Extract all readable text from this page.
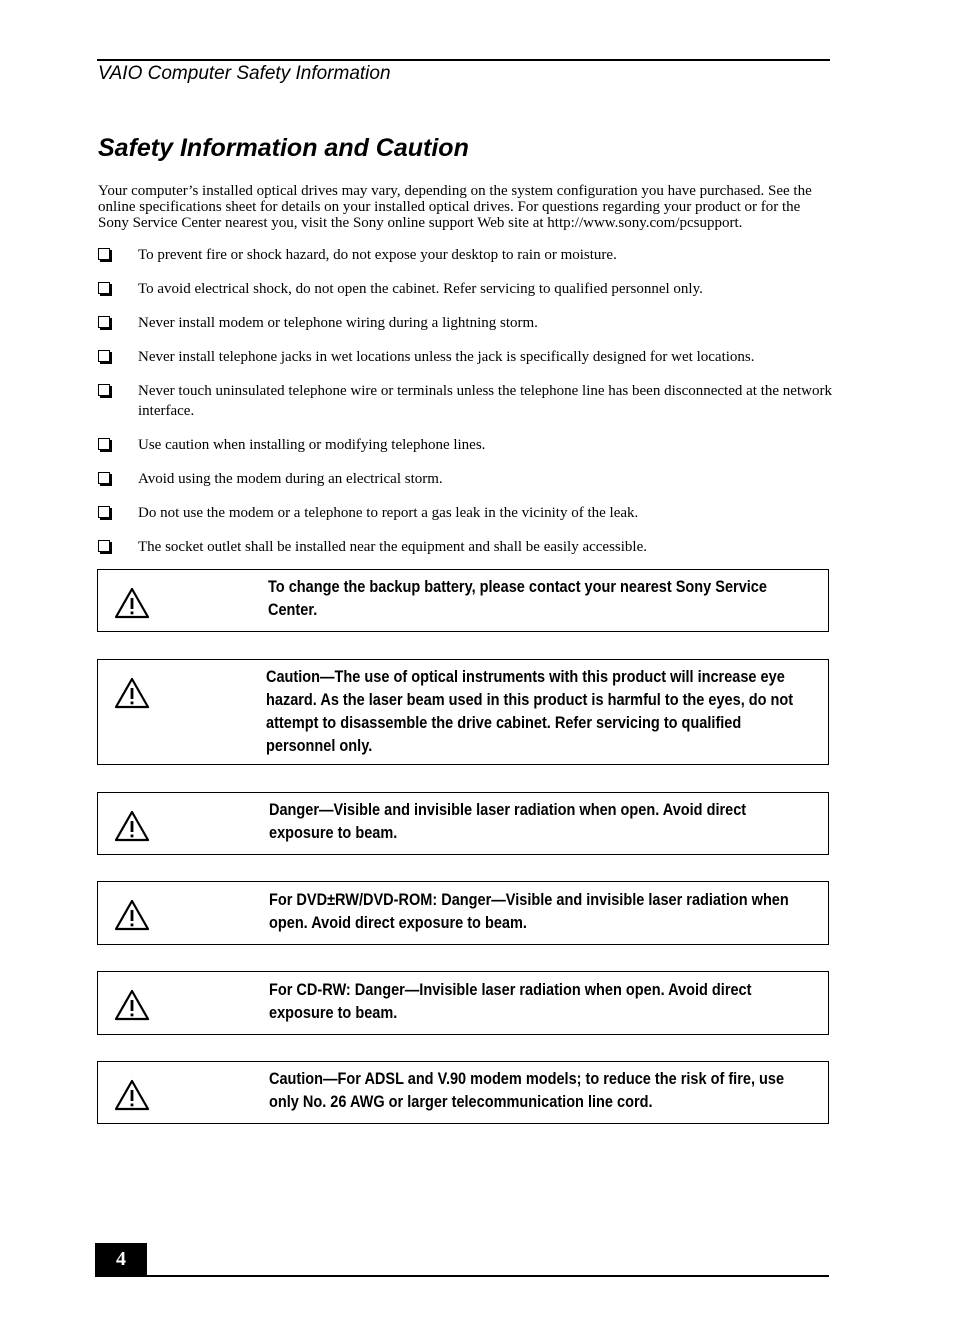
VAIO Computer Safety Information
Safety Information and Caution

Your computer’s installed optical drives may vary, depending on the system configuration you have purchased. See the online specifications sheet for details on your installed optical drives. For questions regarding your product or for the Sony Service Center nearest you, visit the Sony online support Web site at http://www.sony.com/pcsupport.

To prevent fire or shock hazard, do not expose your desktop to rain or moisture.
To avoid electrical shock, do not open the cabinet. Refer servicing to qualified personnel only.
Never install modem or telephone wiring during a lightning storm.
Never install telephone jacks in wet locations unless the jack is specifically designed for wet locations.
Never touch uninsulated telephone wire or terminals unless the telephone line has been disconnected at the network interface.
Use caution when installing or modifying telephone lines.
Avoid using the modem during an electrical storm.
Do not use the modem or a telephone to report a gas leak in the vicinity of the leak.
The socket outlet shall be installed near the equipment and shall be easily accessible.
To change the backup battery, please contact your nearest Sony Service Center.
Caution—The use of optical instruments with this product will increase eye hazard. As the laser beam used in this product is harmful to the eyes, do not attempt to disassemble the drive cabinet. Refer servicing to qualified personnel only.
Danger—Visible and invisible laser radiation when open. Avoid direct exposure to beam.
For DVD±RW/DVD-ROM: Danger—Visible and invisible laser radiation when open. Avoid direct exposure to beam.
For CD-RW: Danger—Invisible laser radiation when open. Avoid direct exposure to beam.
Caution—For ADSL and V.90 modem models; to reduce the risk of fire, use only No. 26 AWG or larger telecommunication line cord.
4
